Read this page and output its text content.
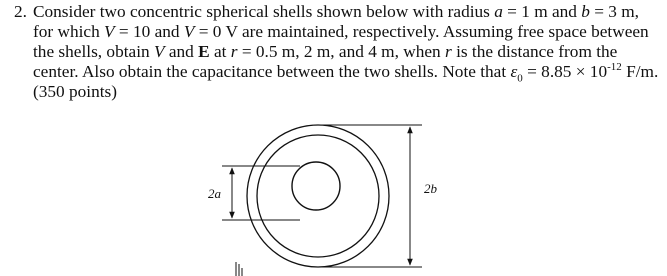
2. Consider two concentric spherical shells shown below with radius a = 1 m and b = 3 m,
for which V = 10 and V = 0 V are maintained, respectively. Assuming free space between
the shells, obtain V and E at r = 0.5 m, 2 m, and 4 m, when r is the distance from the
center. Also obtain the capacitance between the two shells. Note that $\varepsilon_0 = 8.85 \times 10^{-12}$ F/m.
(350 points)
2a	2b
